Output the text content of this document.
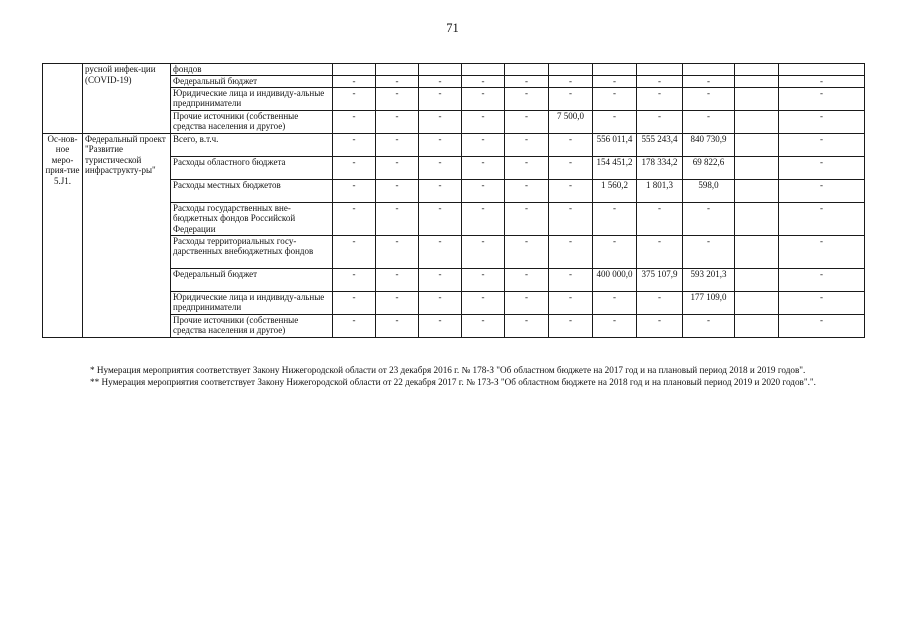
71
	русной инфек-ции (COVID-19)	фондов											
		Федеральный бюджет	-	-	-	-	-	-	-	-	-		-
		Юридические лица и индивиду-альные предприниматели	-	-	-	-	-	-	-	-	-		-
		Прочие источники (собственные средства населения и другое)	-	-	-	-	-	7 500,0	-	-	-		-
Ос-нов-ное меро-прия-тие 5.J1.	Федеральный проект "Развитие туристической инфраструкту-ры"	Всего, в.т.ч.	-	-	-	-	-	-	556 011,4	555 243,4	840 730,9		-
		Расходы областного бюджета	-	-	-	-	-	-	154 451,2	178 334,2	69 822,6		-
		Расходы местных бюджетов	-	-	-	-	-	-	1 560,2	1 801,3	598,0		-
		Расходы государственных вне-бюджетных фондов Российской Федерации	-	-	-	-	-	-	-	-	-		-
		Расходы территориальных госу-дарственных внебюджетных фондов	-	-	-	-	-	-	-	-	-		-
		Федеральный бюджет	-	-	-	-	-	-	400 000,0	375 107,9	593 201,3		-
		Юридические лица и индивиду-альные предприниматели	-	-	-	-	-	-	-	-	177 109,0		-
		Прочие источники (собственные средства населения и другое)	-	-	-	-	-	-	-	-	-		-

* Нумерация мероприятия соответствует Закону Нижегородской области от 23 декабря 2016 г. № 178-З "Об областном бюджете на 2017 год и на плановый период 2018 и 2019 годов".

** Нумерация мероприятия соответствует Закону Нижегородской области от 22 декабря 2017 г. № 173-З "Об областном бюджете на 2018 год и на плановый период 2019 и 2020 годов".".
